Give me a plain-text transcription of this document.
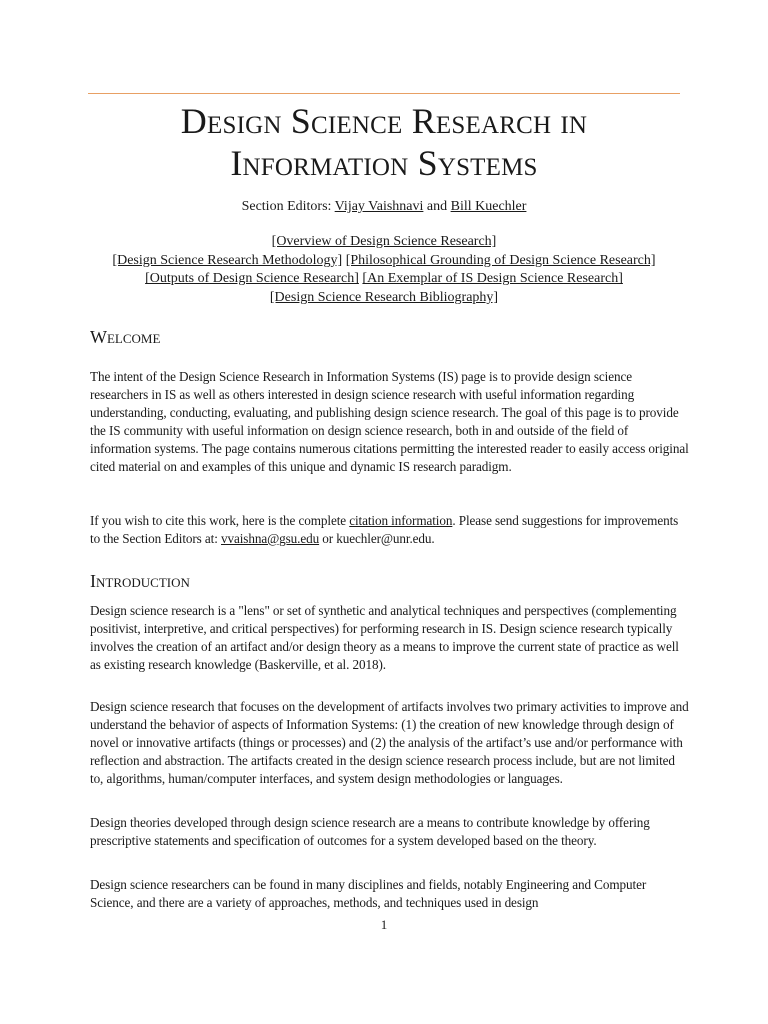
Design Science Research in Information Systems
Section Editors: Vijay Vaishnavi and Bill Kuechler
[Overview of Design Science Research]
[Design Science Research Methodology] [Philosophical Grounding of Design Science Research]
[Outputs of Design Science Research] [An Exemplar of IS Design Science Research]
[Design Science Research Bibliography]
Welcome

The intent of the Design Science Research in Information Systems (IS) page is to provide design science researchers in IS as well as others interested in design science research with useful information regarding understanding, conducting, evaluating, and publishing design science research. The goal of this page is to provide the IS community with useful information on design science research, both in and outside of the field of information systems. The page contains numerous citations permitting the interested reader to easily access original cited material on and examples of this unique and dynamic IS research paradigm.

If you wish to cite this work, here is the complete citation information. Please send suggestions for improvements to the Section Editors at: vvaishna@gsu.edu or kuechler@unr.edu.

Introduction

Design science research is a "lens" or set of synthetic and analytical techniques and perspectives (complementing positivist, interpretive, and critical perspectives) for performing research in IS. Design science research typically involves the creation of an artifact and/or design theory as a means to improve the current state of practice as well as existing research knowledge (Baskerville, et al. 2018).

Design science research that focuses on the development of artifacts involves two primary activities to improve and understand the behavior of aspects of Information Systems: (1) the creation of new knowledge through design of novel or innovative artifacts (things or processes) and (2) the analysis of the artifact’s use and/or performance with reflection and abstraction. The artifacts created in the design science research process include, but are not limited to, algorithms, human/computer interfaces, and system design methodologies or languages.

Design theories developed through design science research are a means to contribute knowledge by offering prescriptive statements and specification of outcomes for a system developed based on the theory.

Design science researchers can be found in many disciplines and fields, notably Engineering and Computer Science, and there are a variety of approaches, methods, and techniques used in design

1
